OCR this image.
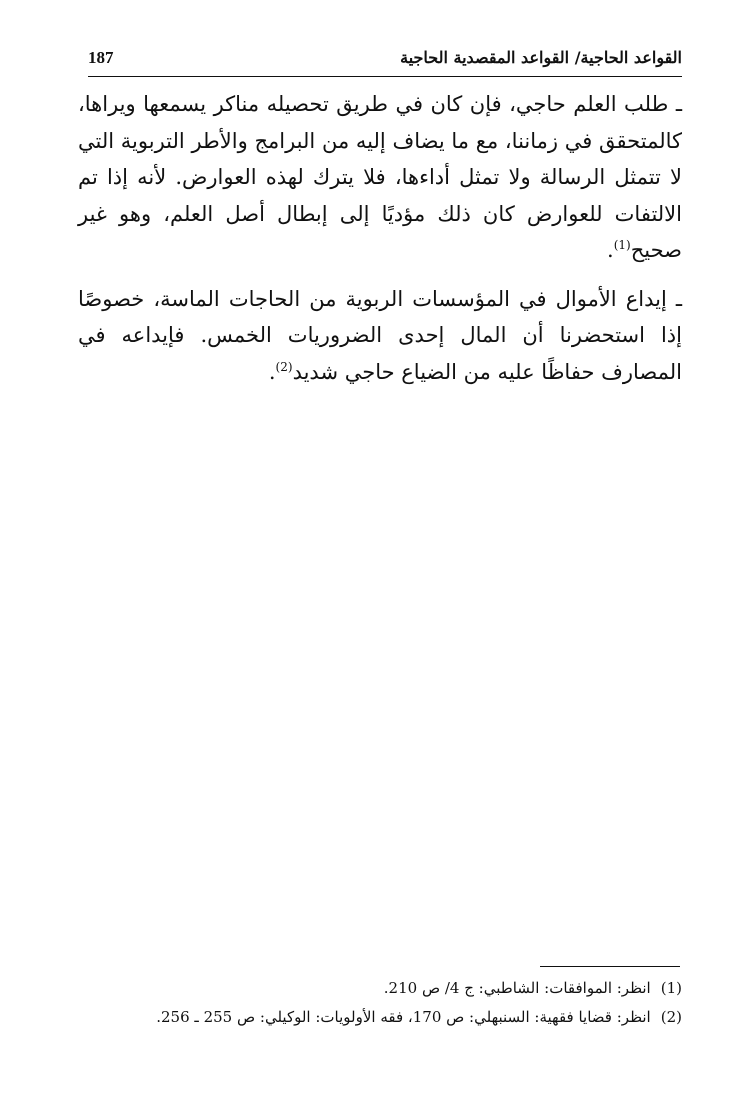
187	القواعد الحاجية/ القواعد المقصدية الحاجية

ـ طلب العلم حاجي، فإن كان في طريق تحصيله مناكر يسمعها ويراها، كالمتحقق في زماننا، مع ما يضاف إليه من البرامج والأطر التربوية التي لا تتمثل الرسالة ولا تمثل أداءها، فلا يترك لهذه العوارض. لأنه إذا تم الالتفات للعوارض كان ذلك مؤديًا إلى إبطال أصل العلم، وهو غير صحيح$^{(1)}$.

ـ إيداع الأموال في المؤسسات الربوية من الحاجات الماسة، خصوصًا إذا استحضرنا أن المال إحدى الضروريات الخمس. فإيداعه في المصارف حفاظًا عليه من الضياع حاجي شديد$^{(2)}$.

(1)انظر: الموافقات: الشاطبي: ج 4/ ص 210.

(2)انظر: قضايا فقهية: السنبهلي: ص 170، فقه الأولويات: الوكيلي: ص 255 ـ 256.
